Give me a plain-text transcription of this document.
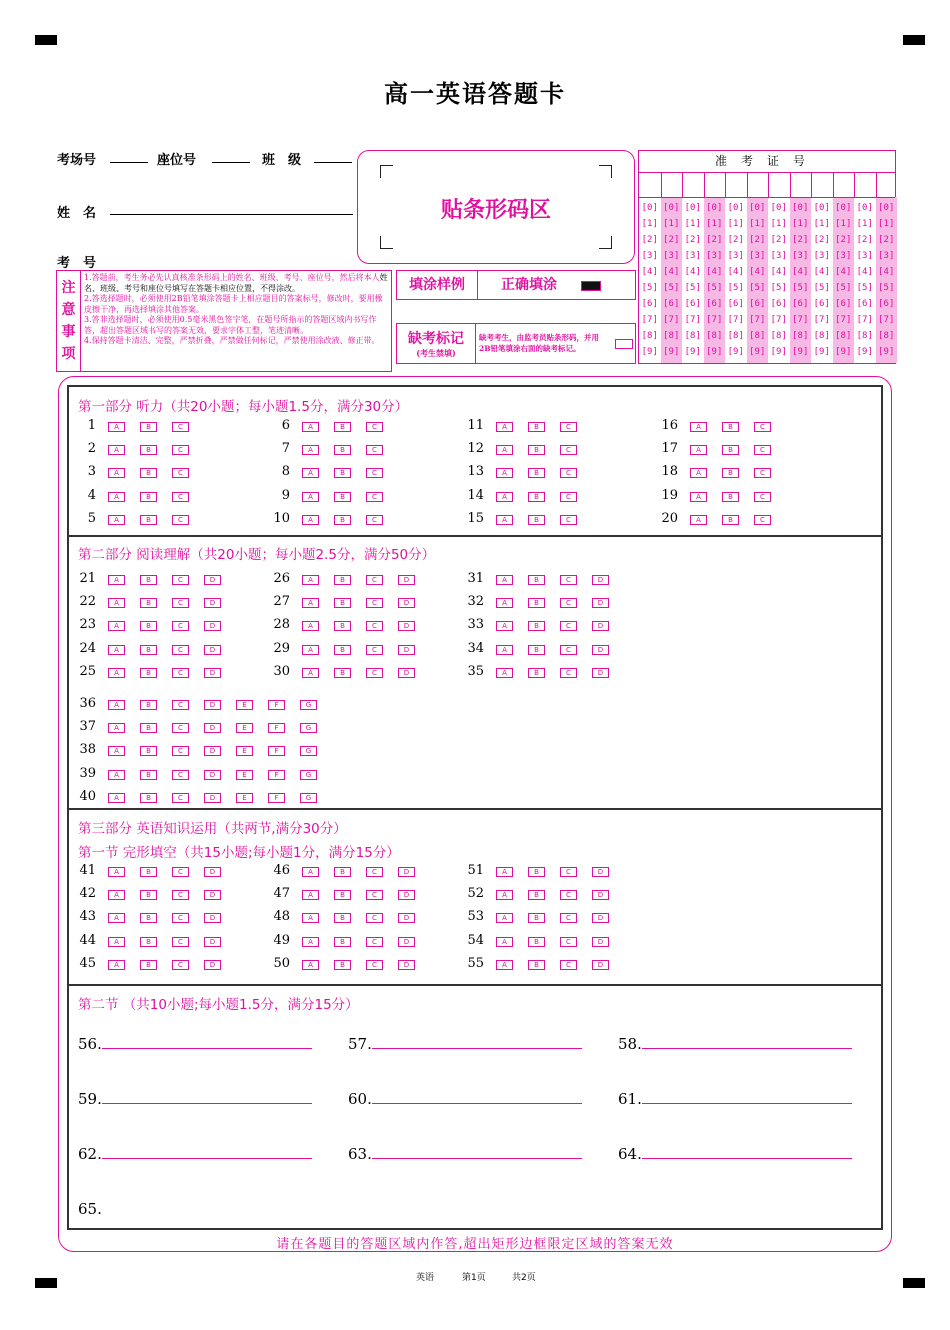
高一英语答题卡
考场号	座位号	班　级
姓　名
考　号
贴条形码区
准考证号
[0] [0] [0] [0] [0] [0] [0] [0] [0] [0] [0] [0]
[1] [1] [1] [1] [1] [1] [1] [1] [1] [1] [1] [1]
[2] [2] [2] [2] [2] [2] [2] [2] [2] [2] [2] [2]
[3] [3] [3] [3] [3] [3] [3] [3] [3] [3] [3] [3]
[4] [4] [4] [4] [4] [4] [4] [4] [4] [4] [4] [4]
[5] [5] [5] [5] [5] [5] [5] [5] [5] [5] [5] [5]
[6] [6] [6] [6] [6] [6] [6] [6] [6] [6] [6] [6]
[7] [7] [7] [7] [7] [7] [7] [7] [7] [7] [7] [7]
[8] [8] [8] [8] [8] [8] [8] [8] [8] [8] [8] [8]
[9] [9] [9] [9] [9] [9] [9] [9] [9] [9] [9] [9]
注
意
事
项
1.答题前，考生务必先认真核准条形码上的姓名、班级、考号、座位号，然后将本人姓名、班级、考号和座位号填写在答题卡相应位置，不得涂改。
2.答选择题时，必须使用2B铅笔填涂答题卡上相应题目的答案标号，修改时，要用橡皮擦干净，再选择填涂其他答案。
3.答非选择题时，必须使用0.5毫米黑色签字笔，在题号所指示的答题区域内书写作答，超出答题区域书写的答案无效，要求字体工整，笔迹清晰。
4.保持答题卡清洁、完整，严禁折叠，严禁做任何标记，严禁使用涂改液、修正带。
填涂样例	正确填涂
缺考标记
(考生禁填)
缺考考生，由监考员贴条形码，并用2B铅笔填涂右面的缺考标记。
第一部分 听力（共20小题；每小题1.5分，满分30分）
第二部分 阅读理解（共20小题；每小题2.5分，满分50分）
第三部分 英语知识运用（共两节,满分30分）
第一节 完形填空（共15小题;每小题1分，满分15分）
第二节 （共10小题;每小题1.5分，满分15分）
1	A	B	C
2	A	B	C
3	A	B	C
4	A	B	C
5	A	B	C
6	A	B	C
7	A	B	C
8	A	B	C
9	A	B	C
10	A	B	C
11	A	B	C
12	A	B	C
13	A	B	C
14	A	B	C
15	A	B	C
16	A	B	C
17	A	B	C
18	A	B	C
19	A	B	C
20	A	B	C
21	A	B	C	D
22	A	B	C	D
23	A	B	C	D
24	A	B	C	D
25	A	B	C	D
26	A	B	C	D
27	A	B	C	D
28	A	B	C	D
29	A	B	C	D
30	A	B	C	D
31	A	B	C	D
32	A	B	C	D
33	A	B	C	D
34	A	B	C	D
35	A	B	C	D
36	A	B	C	D	E	F	G
37	A	B	C	D	E	F	G
38	A	B	C	D	E	F	G
39	A	B	C	D	E	F	G
40	A	B	C	D	E	F	G
41	A	B	C	D
42	A	B	C	D
43	A	B	C	D
44	A	B	C	D
45	A	B	C	D
46	A	B	C	D
47	A	B	C	D
48	A	B	C	D
49	A	B	C	D
50	A	B	C	D
51	A	B	C	D
52	A	B	C	D
53	A	B	C	D
54	A	B	C	D
55	A	B	C	D
56.	57.	58.
59.	60.	61.
62.	63.	64.
65.
请在各题目的答题区域内作答,超出矩形边框限定区域的答案无效
英语	第1页	共2页
